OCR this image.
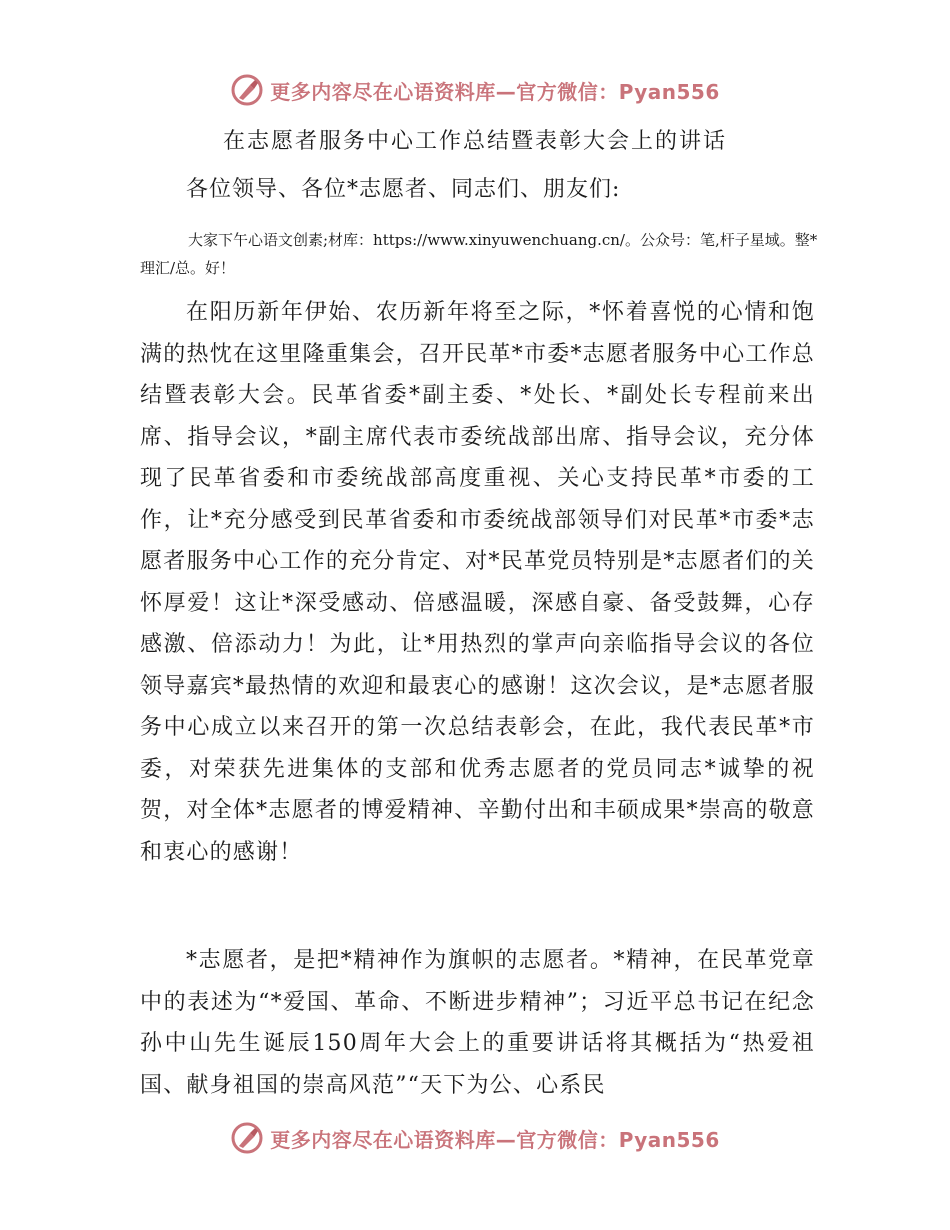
更多内容尽在心语资料库—官方微信：Pyan556
在志愿者服务中心工作总结暨表彰大会上的讲话
各位领导、各位*志愿者、同志们、朋友们:
大家下午心语文创素;材库：https://www.xinyuwenchuang.cn/。公众号：笔,杆子星域。整*理汇/总。好！
在阳历新年伊始、农历新年将至之际，*怀着喜悦的心情和饱满的热忱在这里隆重集会，召开民革*市委*志愿者服务中心工作总结暨表彰大会。民革省委*副主委、*处长、*副处长专程前来出席、指导会议，*副主席代表市委统战部出席、指导会议，充分体现了民革省委和市委统战部高度重视、关心支持民革*市委的工作，让*充分感受到民革省委和市委统战部领导们对民革*市委*志愿者服务中心工作的充分肯定、对*民革党员特别是*志愿者们的关怀厚爱！这让*深受感动、倍感温暖，深感自豪、备受鼓舞，心存感激、倍添动力！为此，让*用热烈的掌声向亲临指导会议的各位领导嘉宾*最热情的欢迎和最衷心的感谢！这次会议，是*志愿者服务中心成立以来召开的第一次总结表彰会，在此，我代表民革*市委，对荣获先进集体的支部和优秀志愿者的党员同志*诚挚的祝贺，对全体*志愿者的博爱精神、辛勤付出和丰硕成果*崇高的敬意和衷心的感谢！
*志愿者，是把*精神作为旗帜的志愿者。*精神，在民革党章中的表述为“*爱国、革命、不断进步精神”；习近平总书记在纪念孙中山先生诞辰150周年大会上的重要讲话将其概括为“热爱祖国、献身祖国的崇高风范”“天下为公、心系民
更多内容尽在心语资料库—官方微信：Pyan556
